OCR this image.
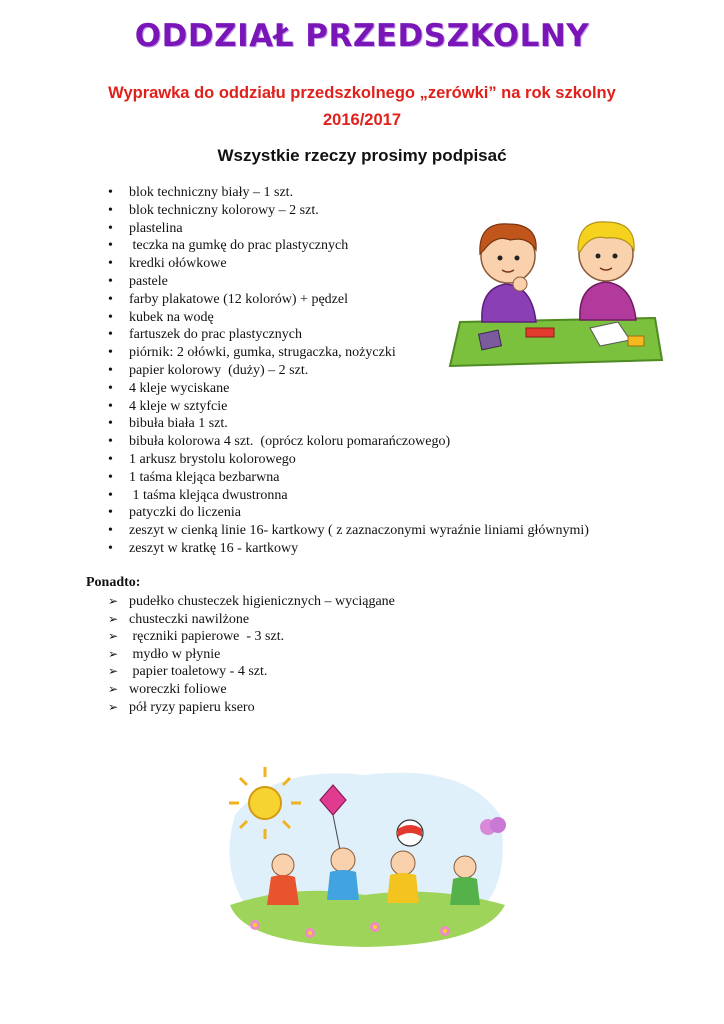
ODDZIAŁ PRZEDSZKOLNY
Wyprawka do oddziału przedszkolnego „zerówki” na rok szkolny
2016/2017
Wszystkie rzeczy prosimy podpisać
• blok techniczny biały – 1 szt.
• blok techniczny kolorowy – 2 szt.
• plastelina
•  teczka na gumkę do prac plastycznych
• kredki ołówkowe
• pastele
• farby plakatowe (12 kolorów) + pędzel
• kubek na wodę
• fartuszek do prac plastycznych
• piórnik: 2 ołówki, gumka, strugaczka, nożyczki
• papier kolorowy  (duży) – 2 szt.
• 4 kleje wyciskane
• 4 kleje w sztyfcie
• bibuła biała 1 szt.
• bibuła kolorowa 4 szt.  (oprócz koloru pomarańczowego)
• 1 arkusz brystolu kolorowego
• 1 taśma klejąca bezbarwna
•  1 taśma klejąca dwustronna
• patyczki do liczenia
• zeszyt w cienką linie 16- kartkowy ( z zaznaczonymi wyraźnie liniami głównymi)
• zeszyt w kratkę 16 - kartkowy
Ponadto:
➢ pudełko chusteczek higienicznych – wyciągane
➢ chusteczki nawilżone
➢  ręczniki papierowe  - 3 szt.
➢  mydło w płynie
➢  papier toaletowy - 4 szt.
➢ woreczki foliowe
➢ pół ryzy papieru ksero
